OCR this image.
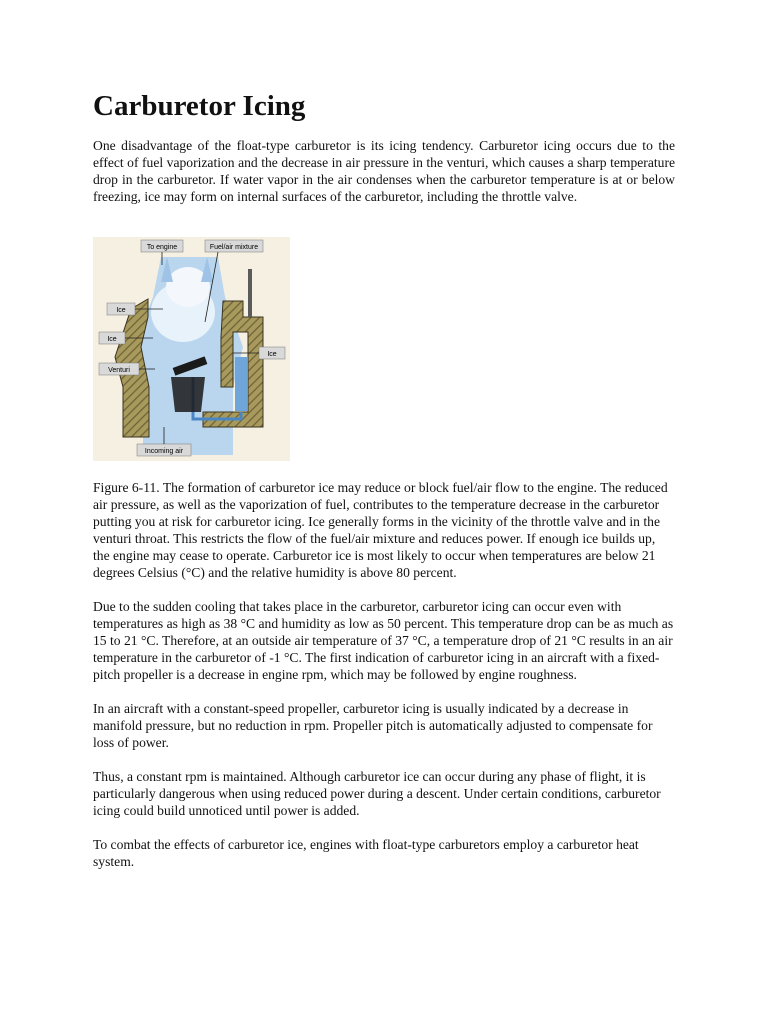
Carburetor Icing

One disadvantage of the float-type carburetor is its icing tendency. Carburetor icing occurs due to the effect of fuel vaporization and the decrease in air pressure in the venturi, which causes a sharp temperature drop in the carburetor. If water vapor in the air condenses when the carburetor temperature is at or below freezing, ice may form on internal surfaces of the carburetor, including the throttle valve.

To engine	Fuel/air mixture
Ice
Ice
Ice
Venturi
Incoming air

Figure 6-11. The formation of carburetor ice may reduce or block fuel/air flow to the engine. The reduced air pressure, as well as the vaporization of fuel, contributes to the temperature decrease in the carburetor putting you at risk for carburetor icing. Ice generally forms in the vicinity of the throttle valve and in the venturi throat. This restricts the flow of the fuel/air mixture and reduces power. If enough ice builds up, the engine may cease to operate. Carburetor ice is most likely to occur when temperatures are below 21 degrees Celsius (°C) and the relative humidity is above 80 percent.

Due to the sudden cooling that takes place in the carburetor, carburetor icing can occur even with temperatures as high as 38 °C and humidity as low as 50 percent. This temperature drop can be as much as 15 to 21 °C. Therefore, at an outside air temperature of 37 °C, a temperature drop of 21 °C results in an air temperature in the carburetor of -1 °C. The first indication of carburetor icing in an aircraft with a fixed-pitch propeller is a decrease in engine rpm, which may be followed by engine roughness.

In an aircraft with a constant-speed propeller, carburetor icing is usually indicated by a decrease in manifold pressure, but no reduction in rpm. Propeller pitch is automatically adjusted to compensate for loss of power.

Thus, a constant rpm is maintained. Although carburetor ice can occur during any phase of flight, it is particularly dangerous when using reduced power during a descent. Under certain conditions, carburetor icing could build unnoticed until power is added.

To combat the effects of carburetor ice, engines with float-type carburetors employ a carburetor heat system.
